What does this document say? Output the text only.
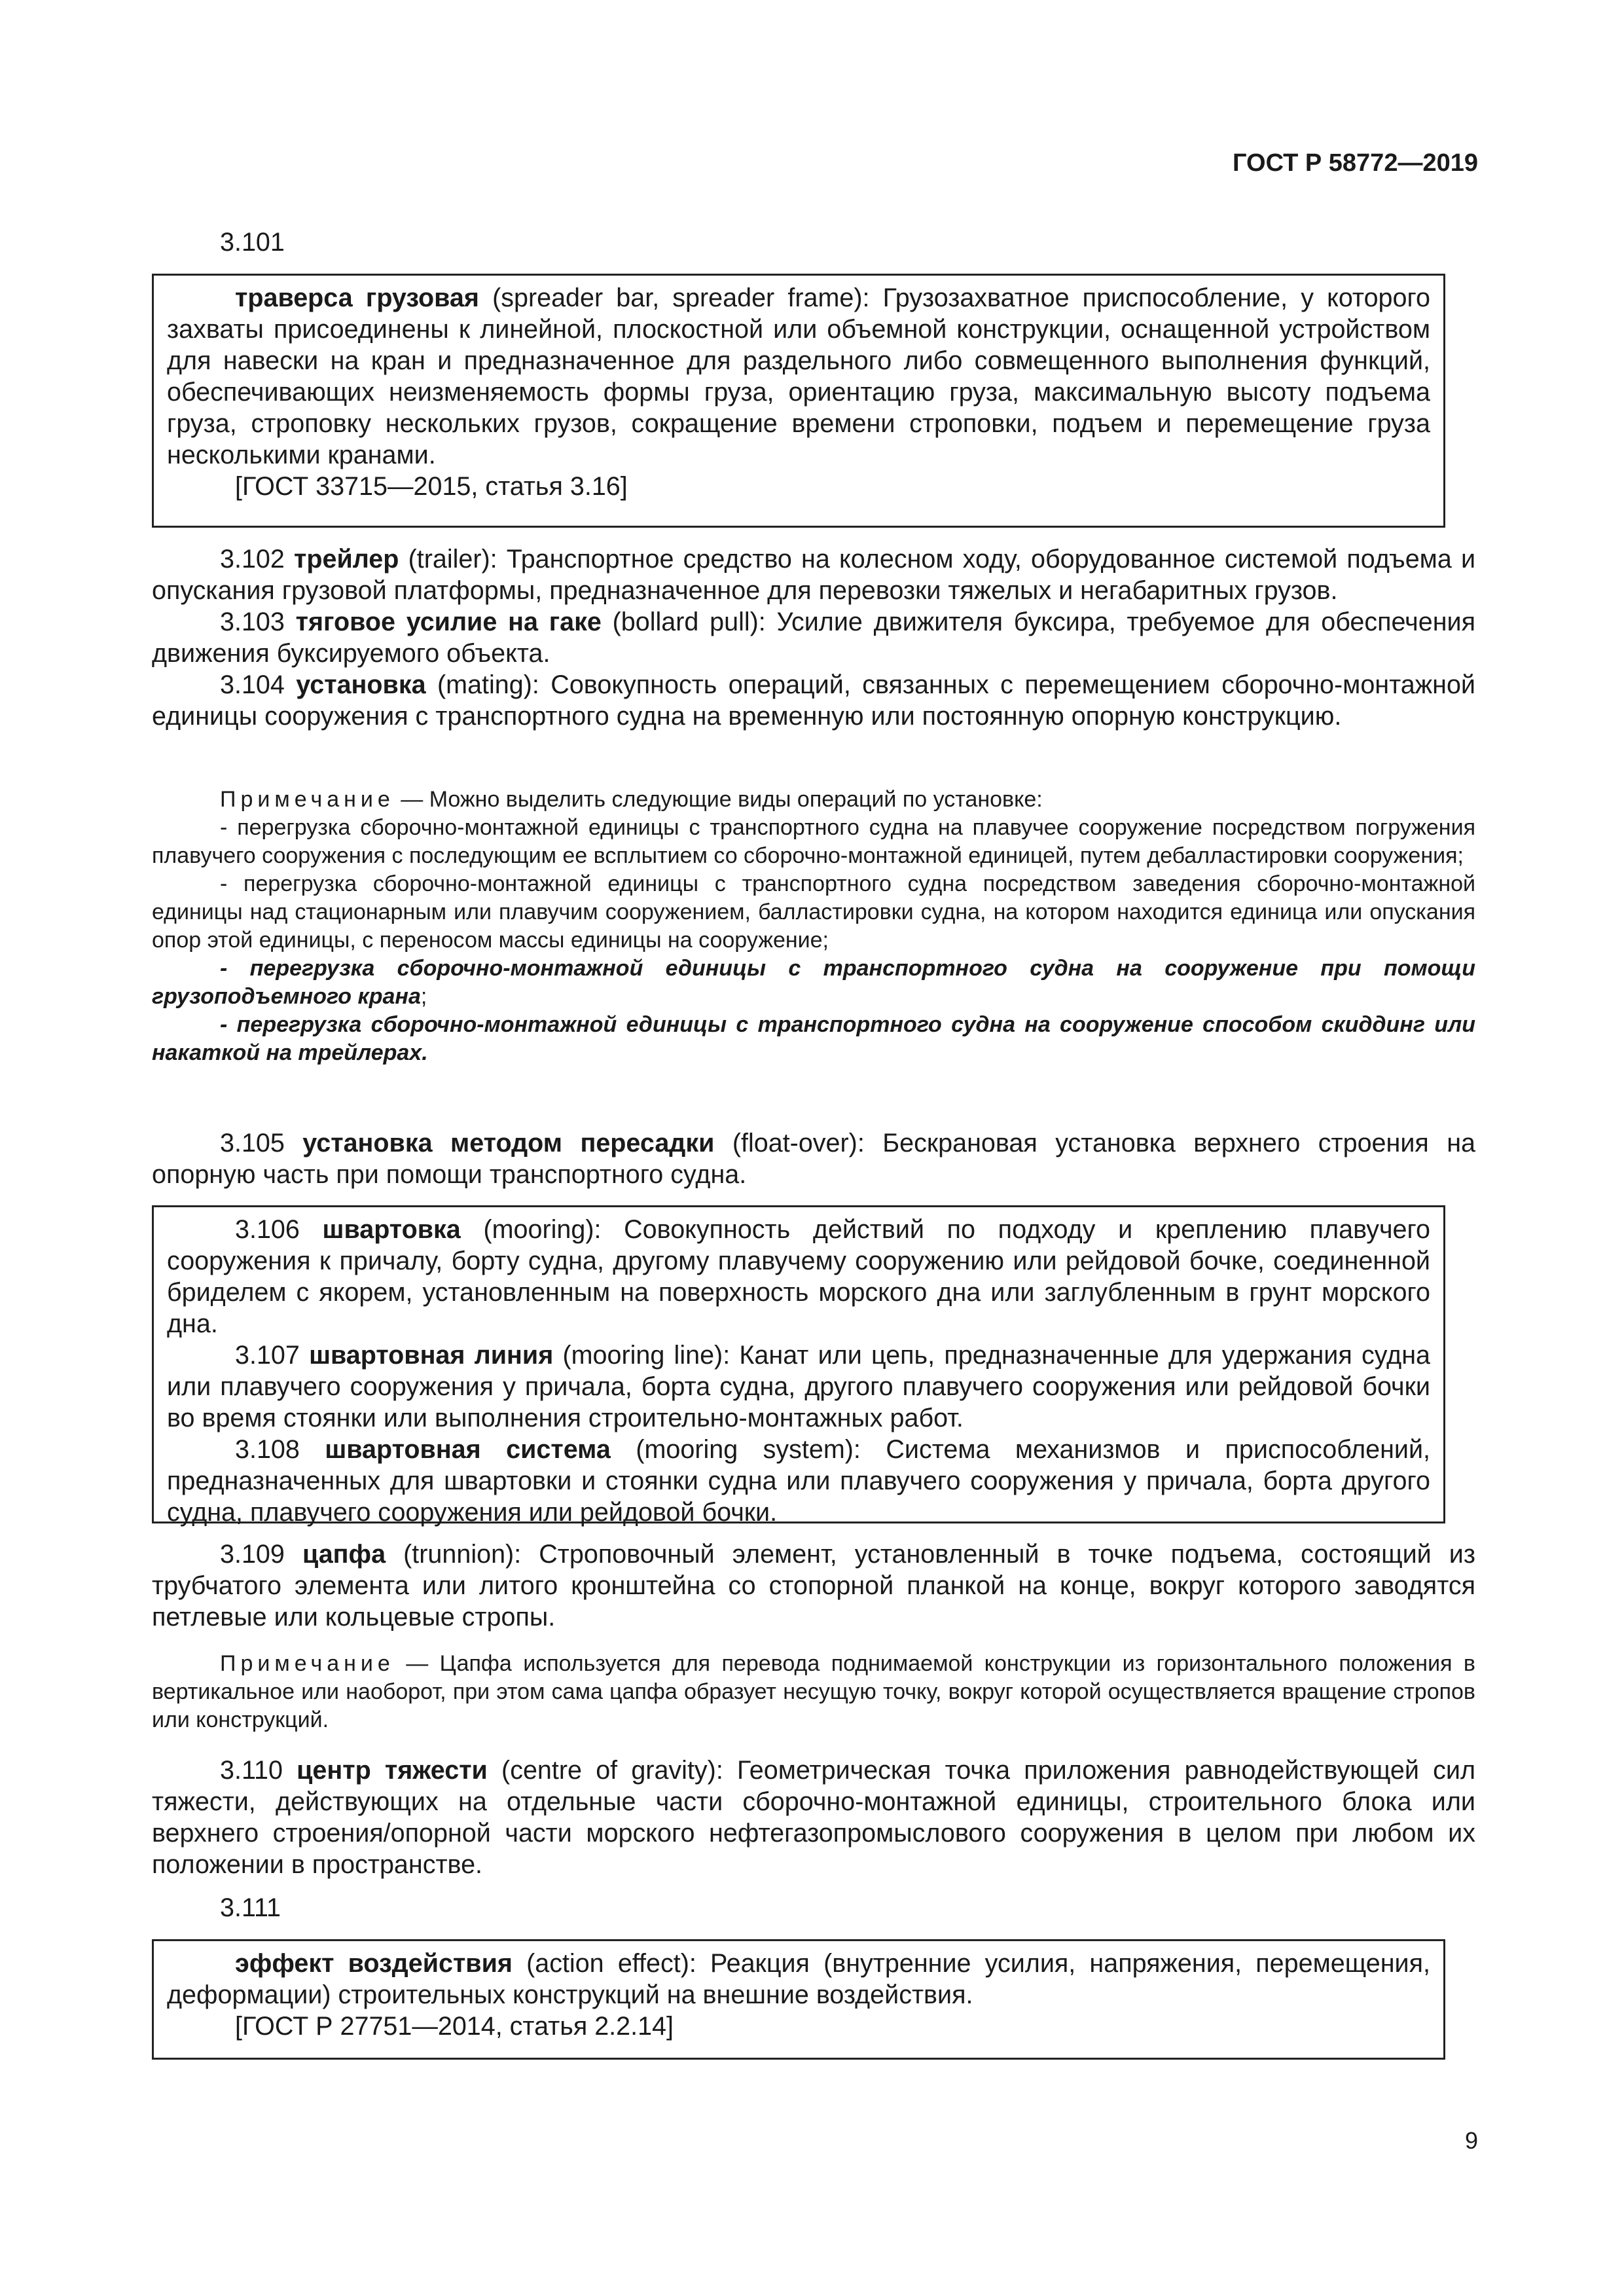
ГОСТ Р 58772—2019
3.101

траверса грузовая (spreader bar, spreader frame): Грузозахватное приспособление, у которого захваты присоединены к линейной, плоскостной или объемной конструкции, оснащенной устройством для навески на кран и предназначенное для раздельного либо совмещенного выполнения функций, обеспечивающих неизменяемость формы груза, ориентацию груза, максимальную высоту подъема груза, строповку нескольких грузов, сокращение времени строповки, подъем и перемещение груза несколькими кранами.

[ГОСТ 33715—2015, статья 3.16]

3.102 трейлер (trailer): Транспортное средство на колесном ходу, оборудованное системой подъема и опускания грузовой платформы, предназначенное для перевозки тяжелых и негабаритных грузов.

3.103 тяговое усилие на гаке (bollard pull): Усилие движителя буксира, требуемое для обеспечения движения буксируемого объекта.

3.104 установка (mating): Совокупность операций, связанных с перемещением сборочно-монтажной единицы сооружения с транспортного судна на временную или постоянную опорную конструкцию.

Примечание — Можно выделить следующие виды операций по установке:

- перегрузка сборочно-монтажной единицы с транспортного судна на плавучее сооружение посредством погружения плавучего сооружения с последующим ее всплытием со сборочно-монтажной единицей, путем дебалластировки сооружения;

- перегрузка сборочно-монтажной единицы с транспортного судна посредством заведения сборочно-монтажной единицы над стационарным или плавучим сооружением, балластировки судна, на котором находится единица или опускания опор этой единицы, с переносом массы единицы на сооружение;

- перегрузка сборочно-монтажной единицы с транспортного судна на сооружение при помощи грузоподъемного крана;

- перегрузка сборочно-монтажной единицы с транспортного судна на сооружение способом скиддинг или накаткой на трейлерах.

3.105 установка методом пересадки (float-over): Бескрановая установка верхнего строения на опорную часть при помощи транспортного судна.

3.106 швартовка (mooring): Совокупность действий по подходу и креплению плавучего сооружения к причалу, борту судна, другому плавучему сооружению или рейдовой бочке, соединенной бриделем с якорем, установленным на поверхность морского дна или заглубленным в грунт морского дна.

3.107 швартовная линия (mooring line): Канат или цепь, предназначенные для удержания судна или плавучего сооружения у причала, борта судна, другого плавучего сооружения или рейдовой бочки во время стоянки или выполнения строительно-монтажных работ.

3.108 швартовная система (mooring system): Система механизмов и приспособлений, предназначенных для швартовки и стоянки судна или плавучего сооружения у причала, борта другого судна, плавучего сооружения или рейдовой бочки.

3.109 цапфа (trunnion): Строповочный элемент, установленный в точке подъема, состоящий из трубчатого элемента или литого кронштейна со стопорной планкой на конце, вокруг которого заводятся петлевые или кольцевые стропы.

Примечание — Цапфа используется для перевода поднимаемой конструкции из горизонтального положения в вертикальное или наоборот, при этом сама цапфа образует несущую точку, вокруг которой осуществляется вращение стропов или конструкций.

3.110 центр тяжести (centre of gravity): Геометрическая точка приложения равнодействующей сил тяжести, действующих на отдельные части сборочно-монтажной единицы, строительного блока или верхнего строения/опорной части морского нефтегазопромыслового сооружения в целом при любом их положении в пространстве.

3.111

эффект воздействия (action effect): Реакция (внутренние усилия, напряжения, перемещения, деформации) строительных конструкций на внешние воздействия.

[ГОСТ Р 27751—2014, статья 2.2.14]

9
